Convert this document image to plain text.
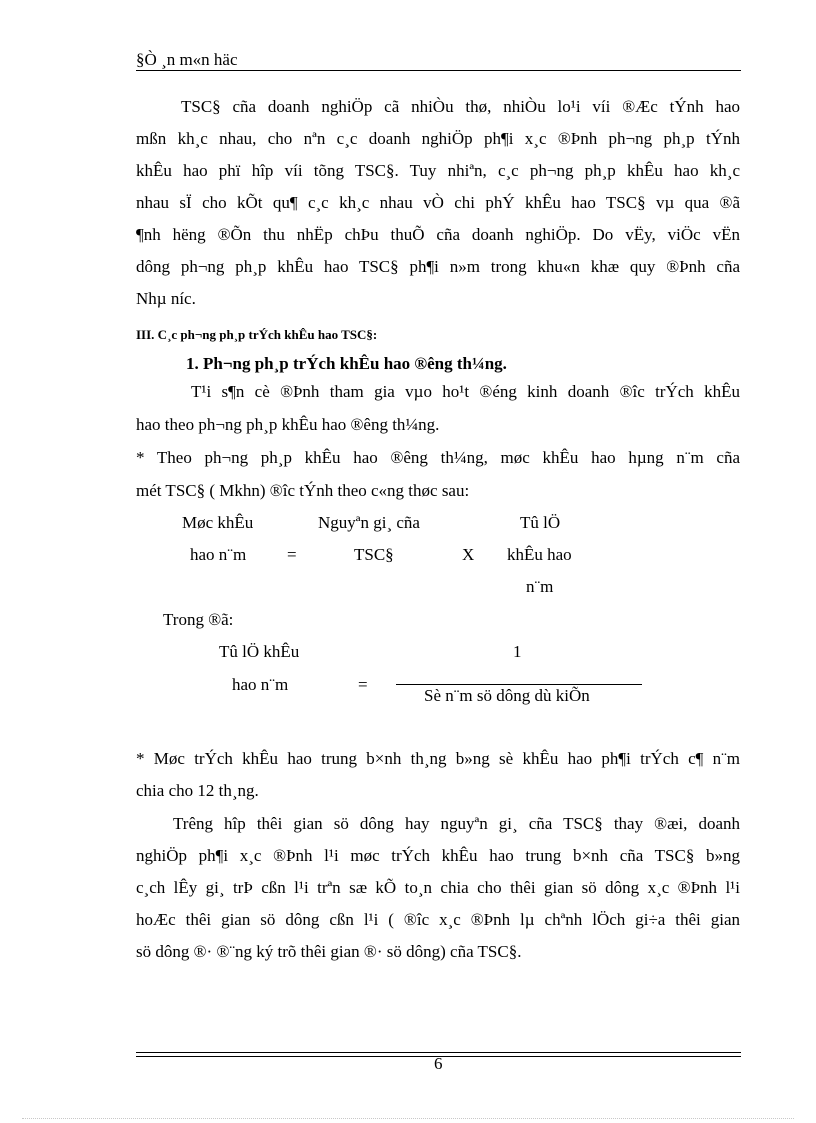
§Ò ¸n m«n häc
TSC§ cña doanh nghiÖp cã nhiÒu thø, nhiÒu lo¹i víi ®Æc tÝnh hao
mßn kh¸c nhau, cho nªn c¸c doanh nghiÖp ph¶i x¸c ®Þnh ph¬ng ph¸p tÝnh
khÊu hao phï hîp víi tõng TSC§. Tuy nhiªn, c¸c ph¬ng ph¸p khÊu hao kh¸c
nhau sÏ cho kÕt qu¶ c¸c kh¸c nhau vÒ chi phÝ khÊu hao TSC§ vµ qua ®ã
¶nh hëng ®Õn thu nhËp chÞu thuÕ cña doanh nghiÖp. Do vËy, viÖc vËn
dông ph¬ng ph¸p khÊu hao TSC§ ph¶i n»m trong khu«n khæ quy ®Þnh cña
Nhµ níc.
III. C¸c ph¬ng ph¸p trÝch khÊu hao TSC§:
1. Ph¬ng ph¸p trÝch khÊu hao ®êng th¼ng.
T¹i s¶n cè ®Þnh tham gia vµo ho¹t ®éng kinh doanh ®îc trÝch khÊu
hao theo ph¬ng ph¸p khÊu hao ®êng th¼ng.
* Theo ph¬ng ph¸p khÊu hao ®êng th¼ng, møc khÊu hao hµng n¨m cña
mét TSC§ ( Mkhn) ®îc tÝnh theo c«ng thøc sau:
Møc khÊu
hao n¨m =
Nguyªn gi¸ cña
TSC§	X
Tû lÖ
khÊu hao
n¨m
Trong ®ã:
Tû lÖ khÊu
hao n¨m	=
1
Sè n¨m sö dông dù kiÕn
* Møc trÝch khÊu hao trung b×nh th¸ng b»ng sè khÊu hao ph¶i trÝch c¶ n¨m
chia cho 12 th¸ng.
Trêng hîp thêi gian sö dông hay nguyªn gi¸ cña TSC§ thay ®æi, doanh
nghiÖp ph¶i x¸c ®Þnh l¹i møc trÝch khÊu hao trung b×nh cña TSC§ b»ng
c¸ch lÊy gi¸ trÞ cßn l¹i trªn sæ kÕ to¸n chia cho thêi gian sö dông x¸c ®Þnh l¹i
hoÆc thêi gian sö dông cßn l¹i ( ®îc x¸c ®Þnh lµ chªnh lÖch gi÷a thêi gian
sö dông ®· ®¨ng ký trõ thêi gian ®· sö dông) cña TSC§.
6
